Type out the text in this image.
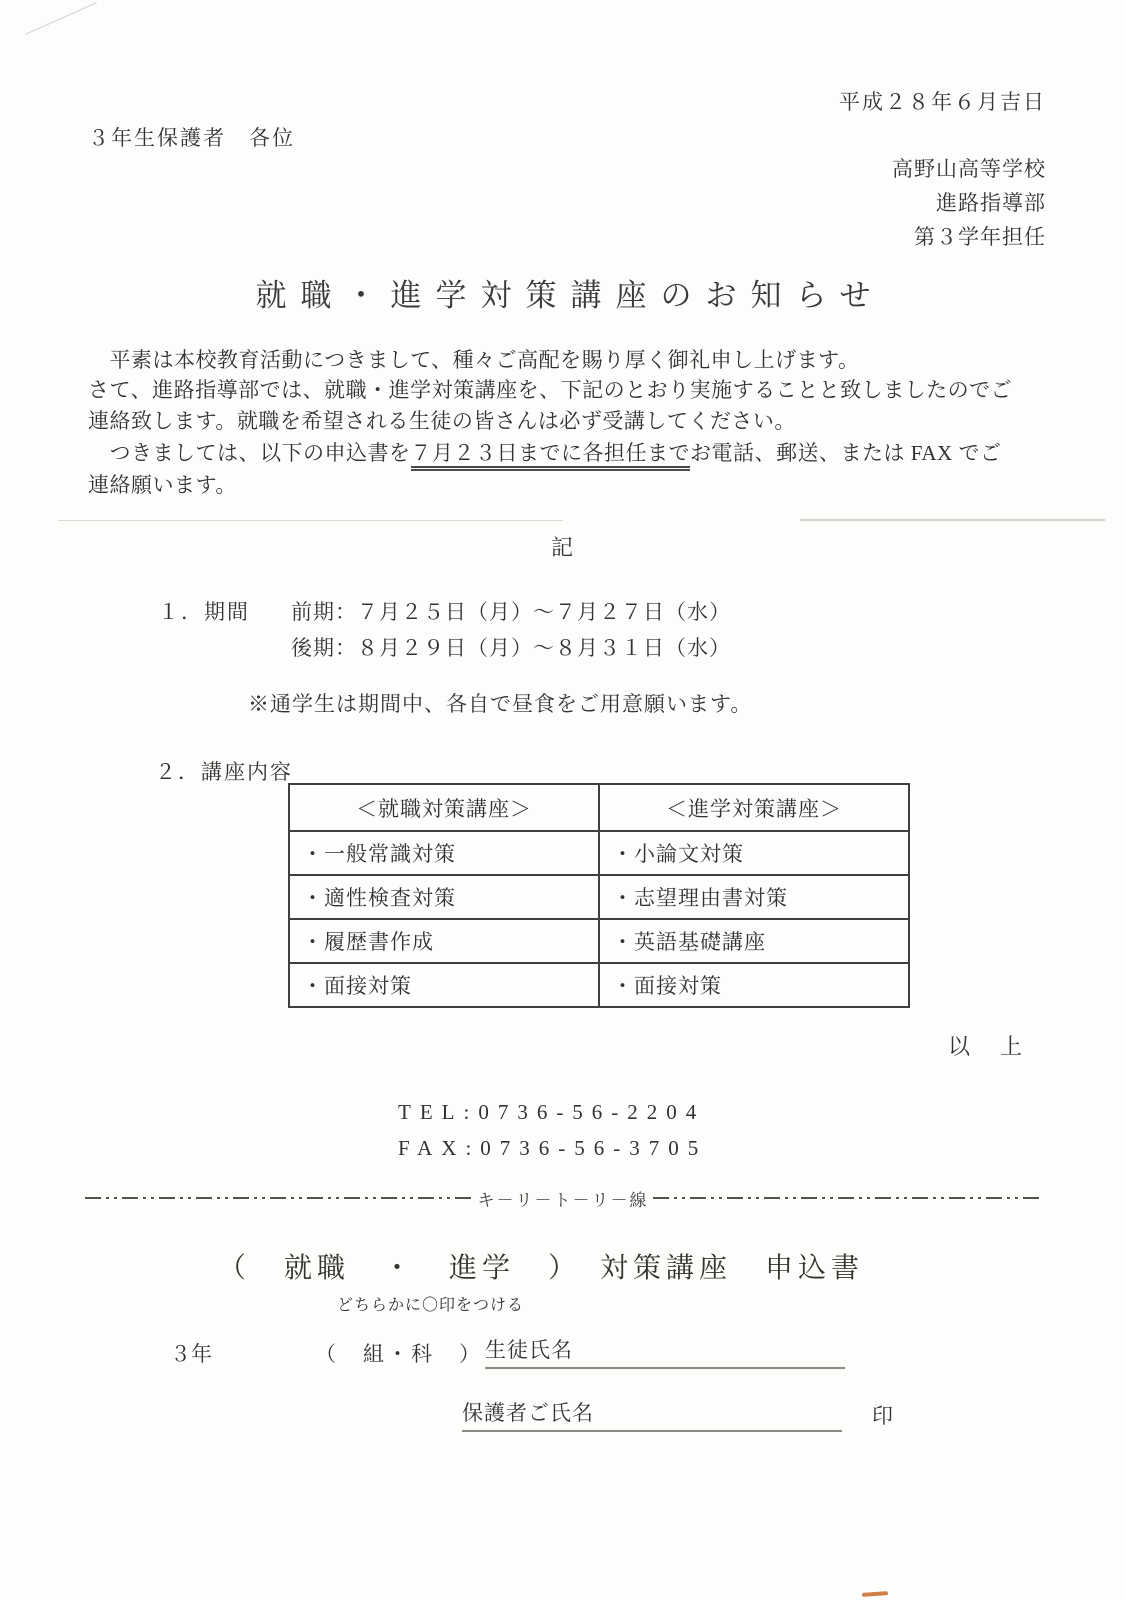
平成２８年６月吉日
３年生保護者　各位
高野山高等学校
進路指導部
第３学年担任
就職・進学対策講座のお知らせ
　平素は本校教育活動につきまして、種々ご高配を賜り厚く御礼申し上げます。
さて、進路指導部では、就職・進学対策講座を、下記のとおり実施することと致しましたのでご
連絡致します。就職を希望される生徒の皆さんは必ず受講してください。
　つきましては、以下の申込書を７月２３日までに各担任までお電話、郵送、または FAX でご
連絡願います。
記
１．期間 前期：７月２５日（月）～７月２７日（水）
後期：８月２９日（月）～８月３１日（水）
※通学生は期間中、各自で昼食をご用意願います。
２．講座内容
＜就職対策講座＞	＜進学対策講座＞
・一般常識対策	・小論文対策
・適性検査対策	・志望理由書対策
・履歴書作成	・英語基礎講座
・面接対策	・面接対策
以　上
TEL:0736-56-2204
FAX:0736-56-3705
キ－リ－ト－リ－線
（　就職　・　進学　）　対策講座　申込書
どちらかに〇印をつける
３年	（　組・科　） 生徒氏名
保護者ご氏名	印
